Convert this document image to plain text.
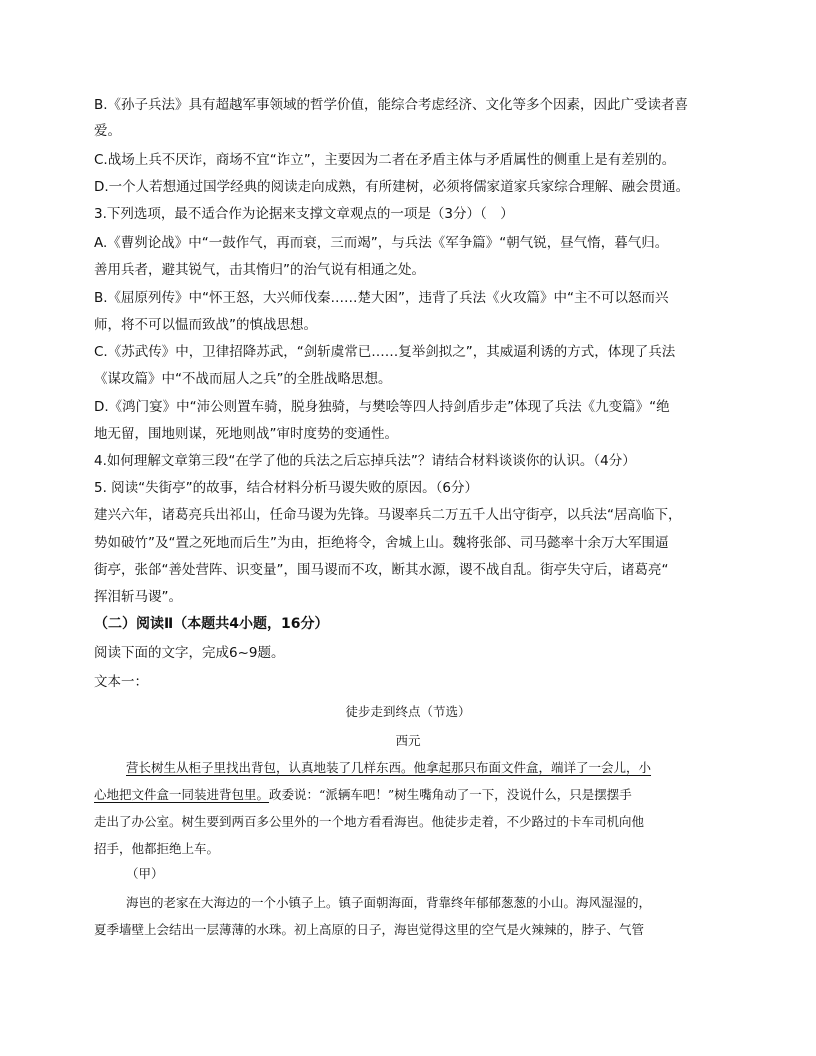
B.《孙子兵法》具有超越军事领域的哲学价值，能综合考虑经济、文化等多个因素，因此广受读者喜
爱。
C.战场上兵不厌诈，商场不宜“诈立”，主要因为二者在矛盾主体与矛盾属性的侧重上是有差别的。
D.一个人若想通过国学经典的阅读走向成熟，有所建树，必须将儒家道家兵家综合理解、融会贯通。
3.下列选项，最不适合作为论据来支撑文章观点的一项是（3分）（　）
A.《曹刿论战》中“一鼓作气，再而衰，三而竭”，与兵法《军争篇》“朝气锐，昼气惰，暮气归。
善用兵者，避其锐气，击其惰归”的治气说有相通之处。
B.《屈原列传》中“怀王怒，大兴师伐秦……楚大困”，违背了兵法《火攻篇》中“主不可以怒而兴
师，将不可以愠而致战”的慎战思想。
C.《苏武传》中，卫律招降苏武，“剑斩虞常已……复举剑拟之”，其威逼利诱的方式，体现了兵法
《谋攻篇》中“不战而屈人之兵”的全胜战略思想。
D.《鸿门宴》中“沛公则置车骑，脱身独骑，与樊哙等四人持剑盾步走”体现了兵法《九变篇》“绝
地无留，围地则谋，死地则战”审时度势的变通性。
4.如何理解文章第三段“在学了他的兵法之后忘掉兵法”？请结合材料谈谈你的认识。（4分）
5. 阅读“失街亭”的故事，结合材料分析马谡失败的原因。（6分）
建兴六年，诸葛亮兵出祁山，任命马谡为先锋。马谡率兵二万五千人出守街亭，以兵法“居高临下，
势如破竹”及“置之死地而后生”为由，拒绝将令，舍城上山。魏将张郃、司马懿率十余万大军围逼
街亭，张郃“善处营阵、识变量”，围马谡而不攻，断其水源，谡不战自乱。街亭失守后，诸葛亮“
挥泪斩马谡”。
（二）阅读Ⅱ（本题共4小题，16分）
阅读下面的文字，完成6~9题。
文本一：
徒步走到终点（节选）
西元
营长树生从柜子里找出背包，认真地装了几样东西。他拿起那只布面文件盒，端详了一会儿，小
心地把文件盒一同装进背包里。政委说：“派辆车吧！”树生嘴角动了一下，没说什么，只是摆摆手
走出了办公室。树生要到两百多公里外的一个地方看看海岜。他徒步走着，不少路过的卡车司机向他
招手，他都拒绝上车。
（甲）
海岜的老家在大海边的一个小镇子上。镇子面朝海面，背靠终年郁郁葱葱的小山。海风湿湿的，
夏季墙壁上会结出一层薄薄的水珠。初上高原的日子，海岜觉得这里的空气是火辣辣的，脖子、气管
